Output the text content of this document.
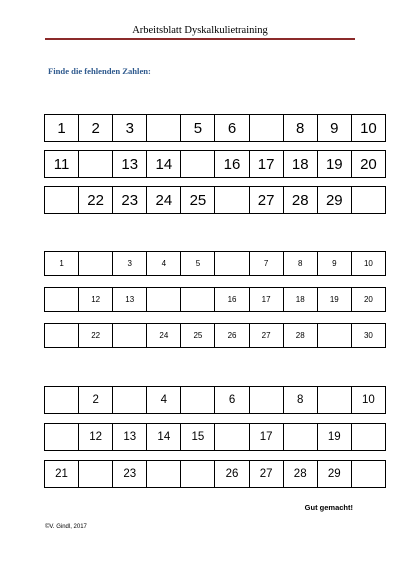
Arbeitsblatt Dyskalkulietraining
Finde die fehlenden Zahlen:
1	2	3		5	6		8	9	10
11		13	14		16	17	18	19	20
	22	23	24	25		27	28	29	
1		3	4	5		7	8	9	10
	12	13			16	17	18	19	20
	22		24	25	26	27	28		30
	2		4		6		8		10
	12	13	14	15		17		19	
21		23			26	27	28	29	
Gut gemacht!
©V. Gindl, 2017
